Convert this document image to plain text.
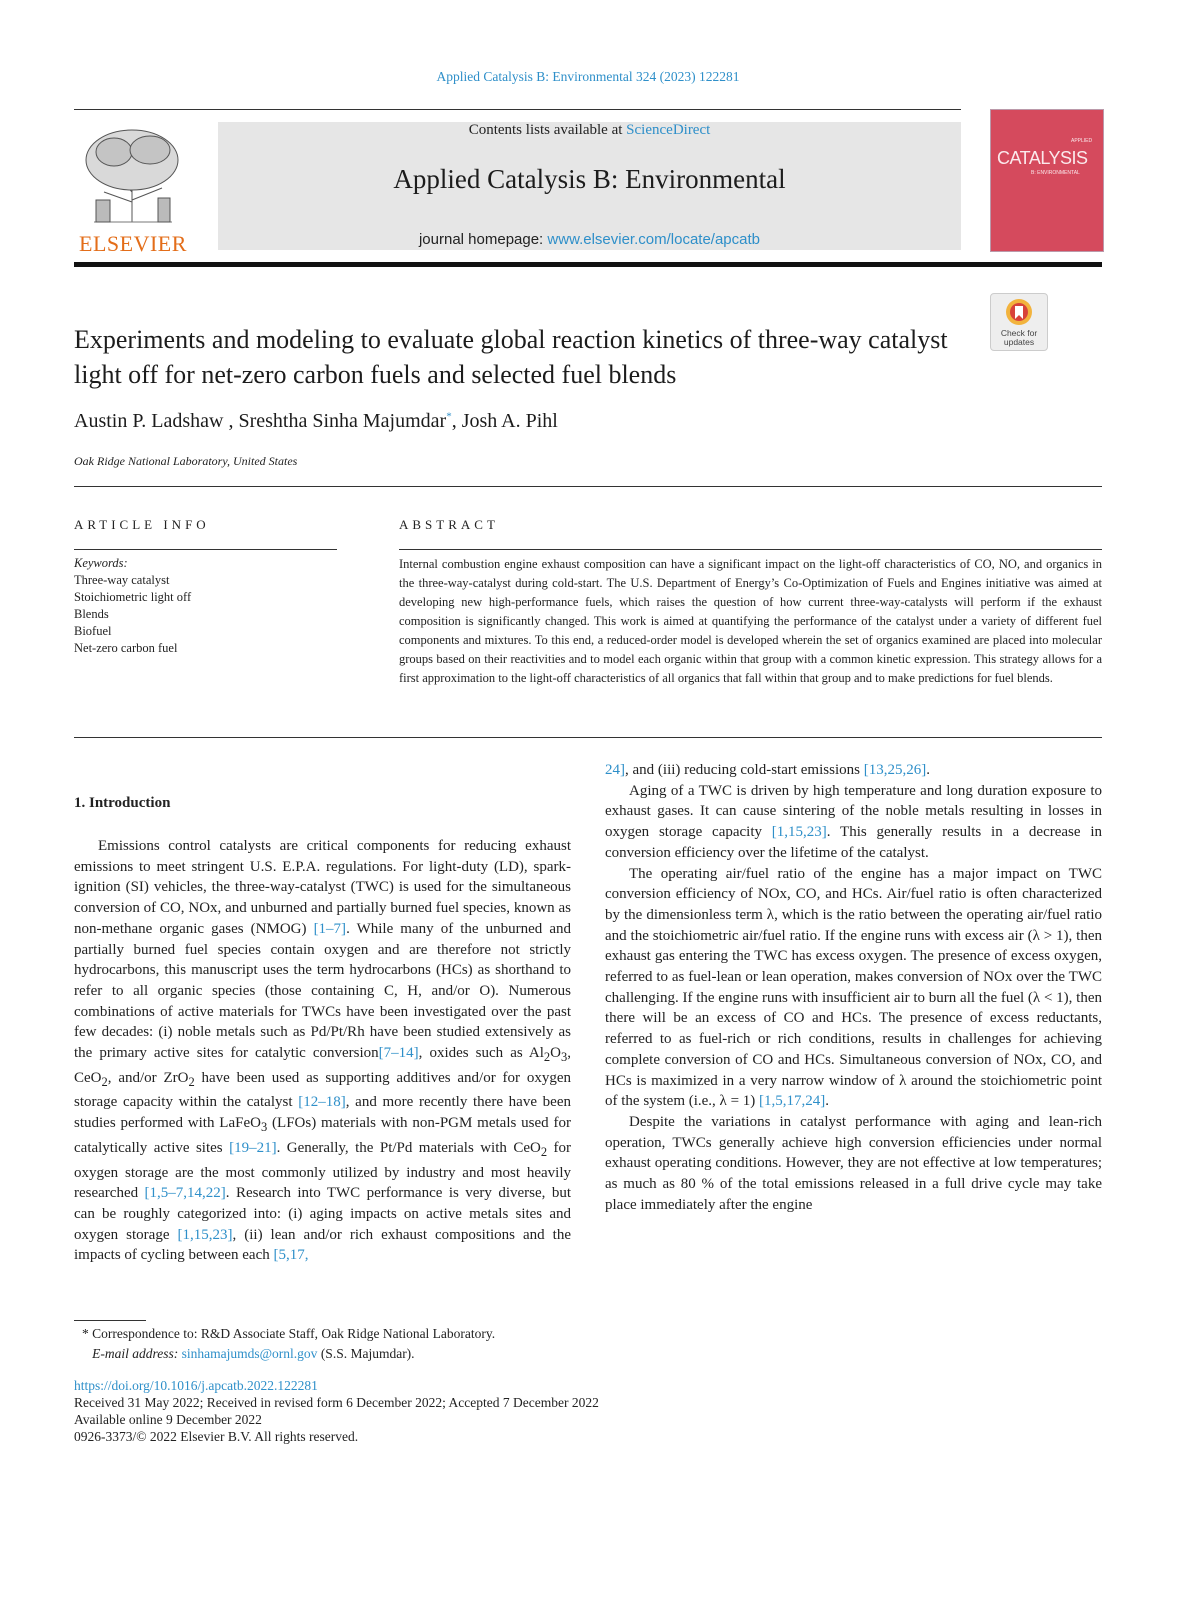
Applied Catalysis B: Environmental 324 (2023) 122281
ELSEVIER
Contents lists available at ScienceDirect
Applied Catalysis B: Environmental
journal homepage: www.elsevier.com/locate/apcatb
APPLIED
CATALYSIS
B: ENVIRONMENTAL
Check for
updates
Experiments and modeling to evaluate global reaction kinetics of three-way catalyst light off for net-zero carbon fuels and selected fuel blends
Austin P. Ladshaw , Sreshtha Sinha Majumdar*, Josh A. Pihl
Oak Ridge National Laboratory, United States
ARTICLE INFO	ABSTRACT
Keywords:
Three-way catalyst
Stoichiometric light off
Blends
Biofuel
Net-zero carbon fuel
Internal combustion engine exhaust composition can have a significant impact on the light-off characteristics of CO, NO, and organics in the three-way-catalyst during cold-start. The U.S. Department of Energy’s Co-Optimization of Fuels and Engines initiative was aimed at developing new high-performance fuels, which raises the question of how current three-way-catalysts will perform if the exhaust composition is significantly changed. This work is aimed at quantifying the performance of the catalyst under a variety of different fuel components and mixtures. To this end, a reduced-order model is developed wherein the set of organics examined are placed into molecular groups based on their reactivities and to model each organic within that group with a common kinetic expression. This strategy allows for a first approximation to the light-off characteristics of all organics that fall within that group and to make predictions for fuel blends.
1. Introduction

Emissions control catalysts are critical components for reducing exhaust emissions to meet stringent U.S. E.P.A. regulations. For light-duty (LD), spark-ignition (SI) vehicles, the three-way-catalyst (TWC) is used for the simultaneous conversion of CO, NOx, and unburned and partially burned fuel species, known as non-methane organic gases (NMOG) [1–7]. While many of the unburned and partially burned fuel species contain oxygen and are therefore not strictly hydrocarbons, this manuscript uses the term hydrocarbons (HCs) as shorthand to refer to all organic species (those containing C, H, and/or O). Numerous combinations of active materials for TWCs have been investigated over the past few decades: (i) noble metals such as Pd/Pt/Rh have been studied extensively as the primary active sites for catalytic conversion[7–14], oxides such as $Al_2O_3$, CeO$_2$, and/or ZrO$_2$ have been used as supporting additives and/or for oxygen storage capacity within the catalyst [12–18], and more recently there have been studies performed with LaFeO$_3$ (LFOs) materials with non-PGM metals used for catalytically active sites [19–21]. Generally, the Pt/Pd materials with CeO$_2$ for oxygen storage are the most commonly utilized by industry and most heavily researched [1,5–7,14,22]. Research into TWC performance is very diverse, but can be roughly categorized into: (i) aging impacts on active metals sites and oxygen storage [1,15,23], (ii) lean and/or rich exhaust compositions and the impacts of cycling between each [5,17,

24], and (iii) reducing cold-start emissions [13,25,26].

Aging of a TWC is driven by high temperature and long duration exposure to exhaust gases. It can cause sintering of the noble metals resulting in losses in oxygen storage capacity [1,15,23]. This generally results in a decrease in conversion efficiency over the lifetime of the catalyst.

The operating air/fuel ratio of the engine has a major impact on TWC conversion efficiency of NOx, CO, and HCs. Air/fuel ratio is often characterized by the dimensionless term λ, which is the ratio between the operating air/fuel ratio and the stoichiometric air/fuel ratio. If the engine runs with excess air (λ > 1), then exhaust gas entering the TWC has excess oxygen. The presence of excess oxygen, referred to as fuel-lean or lean operation, makes conversion of NOx over the TWC challenging. If the engine runs with insufficient air to burn all the fuel (λ < 1), then there will be an excess of CO and HCs. The presence of excess reductants, referred to as fuel-rich or rich conditions, results in challenges for achieving complete conversion of CO and HCs. Simultaneous conversion of NOx, CO, and HCs is maximized in a very narrow window of λ around the stoichiometric point of the system (i.e., λ = 1) [1,5,17,24].

Despite the variations in catalyst performance with aging and lean-rich operation, TWCs generally achieve high conversion efficiencies under normal exhaust operating conditions. However, they are not effective at low temperatures; as much as 80 % of the total emissions released in a full drive cycle may take place immediately after the engine

* Correspondence to: R&D Associate Staff, Oak Ridge National Laboratory.
E-mail address: sinhamajumds@ornl.gov (S.S. Majumdar).
https://doi.org/10.1016/j.apcatb.2022.122281
Received 31 May 2022; Received in revised form 6 December 2022; Accepted 7 December 2022
Available online 9 December 2022
0926-3373/© 2022 Elsevier B.V. All rights reserved.
